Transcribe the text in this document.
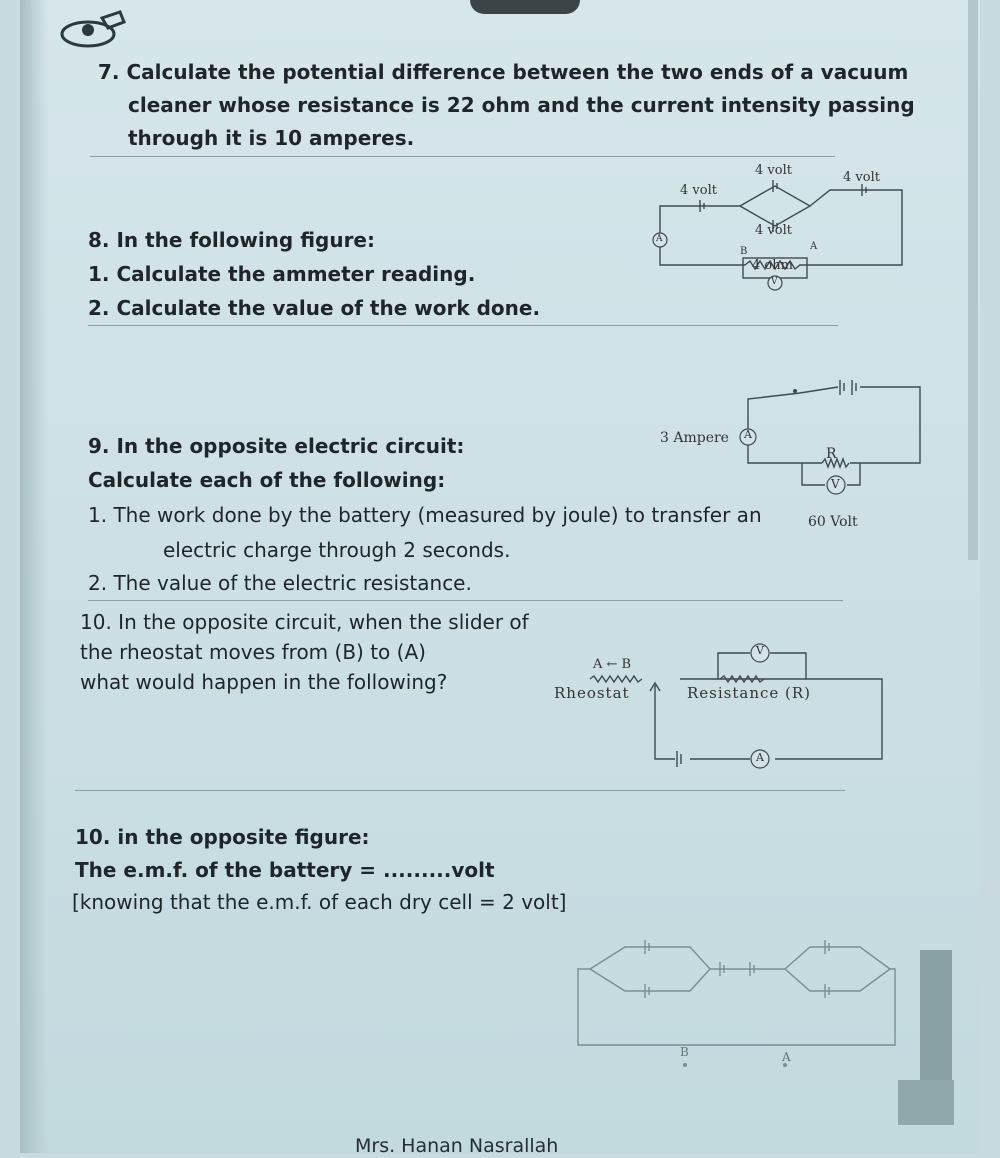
7. Calculate the potential difference between the two ends of a vacuum
cleaner whose resistance is 22 ohm and the current intensity passing
through it is 10 amperes.
8. In the following figure:
1. Calculate the ammeter reading.
2. Calculate the value of the work done.
4 volt
4 volt
4 volt
4 volt
4 ohm
B	A
A
V
9. In the opposite electric circuit:
Calculate each of the following:
1. The work done by the battery (measured by joule) to transfer an
electric charge through 2 seconds.
2. The value of the electric resistance.
3 Ampere A
R
V
60 Volt
10. In the opposite circuit, when the slider of
the rheostat moves from (B) to (A)
what would happen in the following?
A ← B
Rheostat	Resistance (R)
V
A
10. in the opposite figure:
The e.m.f. of the battery = .........volt
[knowing that the e.m.f. of each dry cell = 2 volt]
B	A
Mrs. Hanan Nasrallah
